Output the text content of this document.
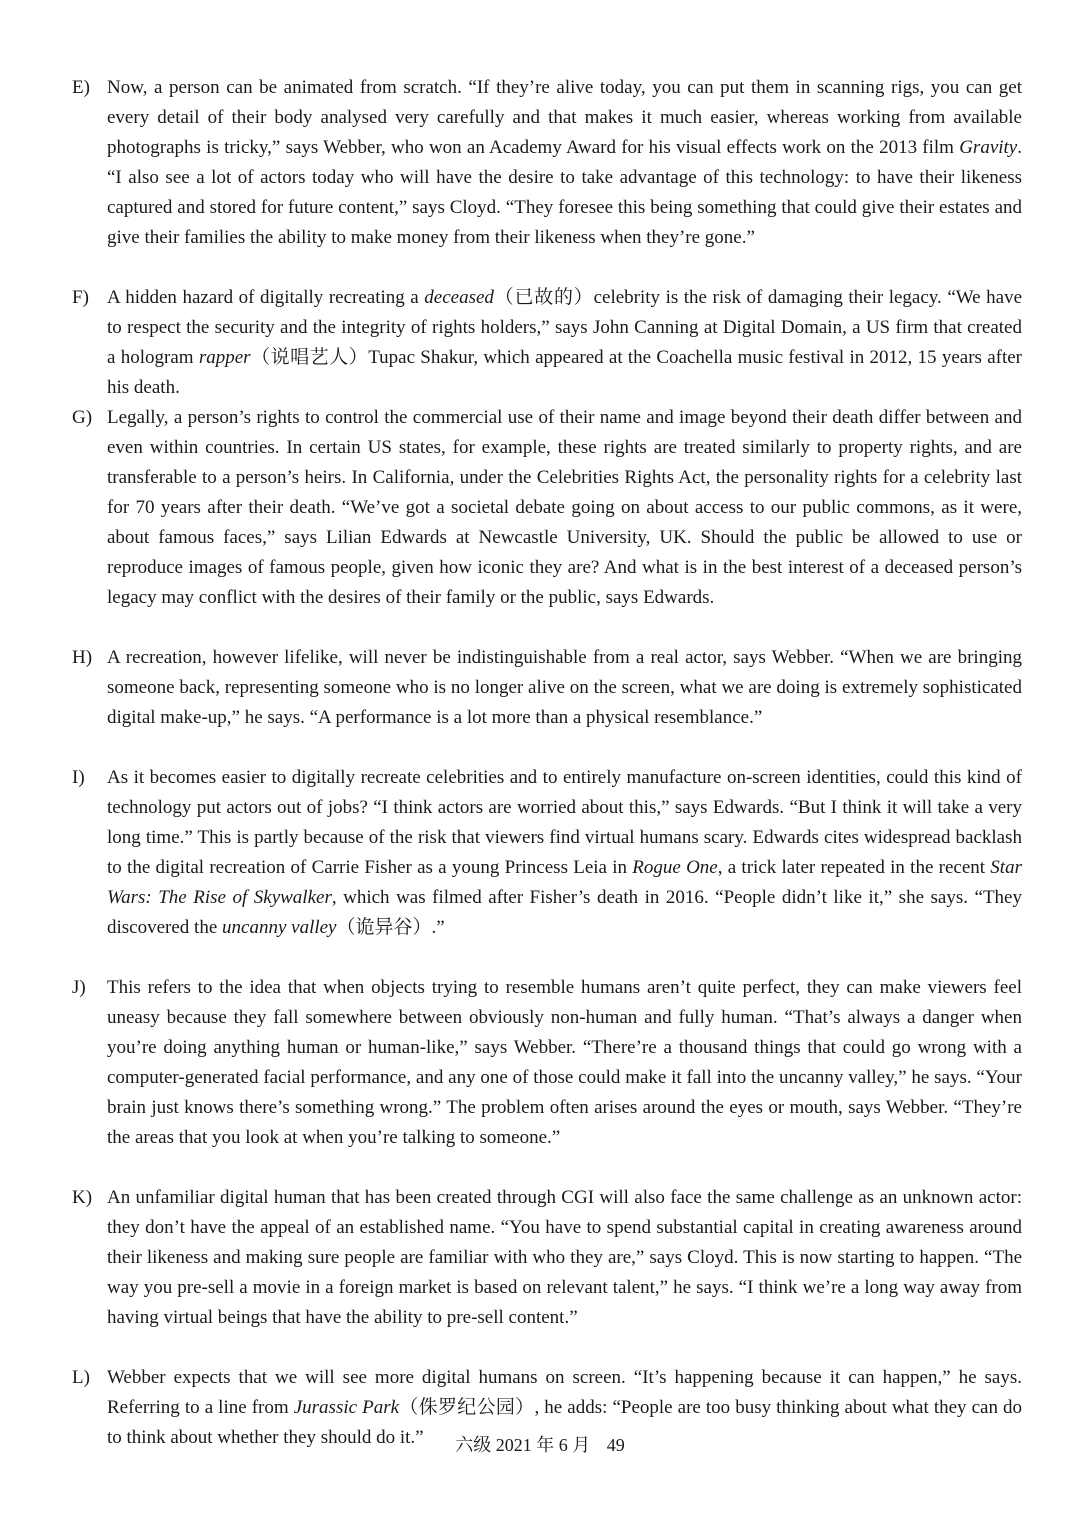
E) Now, a person can be animated from scratch. “If they’re alive today, you can put them in scanning rigs, you can get every detail of their body analysed very carefully and that makes it much easier, whereas working from available photographs is tricky,” says Webber, who won an Academy Award for his visual effects work on the 2013 film Gravity. “I also see a lot of actors today who will have the desire to take advantage of this technology: to have their likeness captured and stored for future content,” says Cloyd. “They foresee this being something that could give their estates and give their families the ability to make money from their likeness when they’re gone.”
F) A hidden hazard of digitally recreating a deceased（已故的）celebrity is the risk of damaging their legacy. “We have to respect the security and the integrity of rights holders,” says John Canning at Digital Domain, a US firm that created a hologram rapper（说唱艺人）Tupac Shakur, which appeared at the Coachella music festival in 2012, 15 years after his death.
G) Legally, a person’s rights to control the commercial use of their name and image beyond their death differ between and even within countries. In certain US states, for example, these rights are treated similarly to property rights, and are transferable to a person’s heirs. In California, under the Celebrities Rights Act, the personality rights for a celebrity last for 70 years after their death. “We’ve got a societal debate going on about access to our public commons, as it were, about famous faces,” says Lilian Edwards at Newcastle University, UK. Should the public be allowed to use or reproduce images of famous people, given how iconic they are? And what is in the best interest of a deceased person’s legacy may conflict with the desires of their family or the public, says Edwards.
H) A recreation, however lifelike, will never be indistinguishable from a real actor, says Webber. “When we are bringing someone back, representing someone who is no longer alive on the screen, what we are doing is extremely sophisticated digital make-up,” he says. “A performance is a lot more than a physical resemblance.”
I)	As it becomes easier to digitally recreate celebrities and to entirely manufacture on-screen identities, could this kind of technology put actors out of jobs? “I think actors are worried about this,” says Edwards. “But I think it will take a very long time.” This is partly because of the risk that viewers find virtual humans scary. Edwards cites widespread backlash to the digital recreation of Carrie Fisher as a young Princess Leia in Rogue One, a trick later repeated in the recent Star Wars: The Rise of Skywalker, which was filmed after Fisher’s death in 2016. “People didn’t like it,” she says. “They discovered the uncanny valley（诡异谷）.”
J)	This refers to the idea that when objects trying to resemble humans aren’t quite perfect, they can make viewers feel uneasy because they fall somewhere between obviously non-human and fully human. “That’s always a danger when you’re doing anything human or human-like,” says Webber. “There’re a thousand things that could go wrong with a computer-generated facial performance, and any one of those could make it fall into the uncanny valley,” he says. “Your brain just knows there’s something wrong.” The problem often arises around the eyes or mouth, says Webber. “They’re the areas that you look at when you’re talking to someone.”
K) An unfamiliar digital human that has been created through CGI will also face the same challenge as an unknown actor: they don’t have the appeal of an established name. “You have to spend substantial capital in creating awareness around their likeness and making sure people are familiar with who they are,” says Cloyd. This is now starting to happen. “The way you pre-sell a movie in a foreign market is based on relevant talent,” he says. “I think we’re a long way away from having virtual beings that have the ability to pre-sell content.”
L) Webber expects that we will see more digital humans on screen. “It’s happening because it can happen,” he says. Referring to a line from Jurassic Park（侏罗纪公园）, he adds: “People are too busy thinking about what they can do to think about whether they should do it.”	六级 2021 年 6 月 49
